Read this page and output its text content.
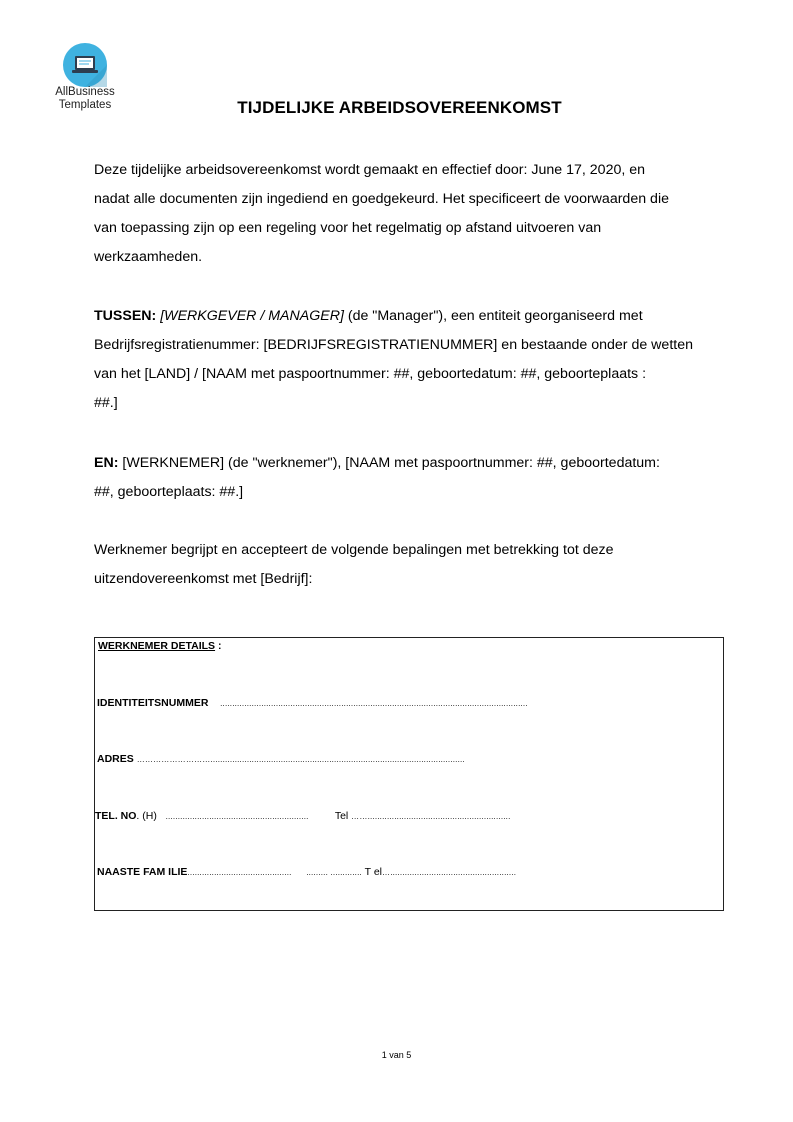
AllBusiness
Templates	TIJDELIJKE ARBEIDSOVEREENKOMST
Deze tijdelijke arbeidsovereenkomst wordt gemaakt en effectief door: June 17, 2020, en
nadat alle documenten zijn ingediend en goedgekeurd. Het specificeert de voorwaarden die
van toepassing zijn op een regeling voor het regelmatig op afstand uitvoeren van
werkzaamheden.
TUSSEN: [WERKGEVER / MANAGER] (de "Manager"), een entiteit georganiseerd met
Bedrijfsregistratienummer: [BEDRIJFSREGISTRATIENUMMER] en bestaande onder de wetten
van het [LAND] / [NAAM met paspoortnummer: ##, geboortedatum: ##, geboorteplaats :
##.]
EN: [WERKNEMER] (de "werknemer"), [NAAM met paspoortnummer: ##, geboortedatum:
##, geboorteplaats: ##.]
Werknemer begrijpt en accepteert de volgende bepalingen met betrekking tot deze
uitzendovereenkomst met [Bedrijf]:
WERKNEMER DETAILS :
IDENTITEITSNUMMER ...............................................................................................................................
ADRES ……………………….........................................................................................................
TEL. NO. (H) ...........................................................	Tel ……...........................................................
NAASTE FAM ILIE........................................... ......... ............. T el…....................................................
1 van 5
